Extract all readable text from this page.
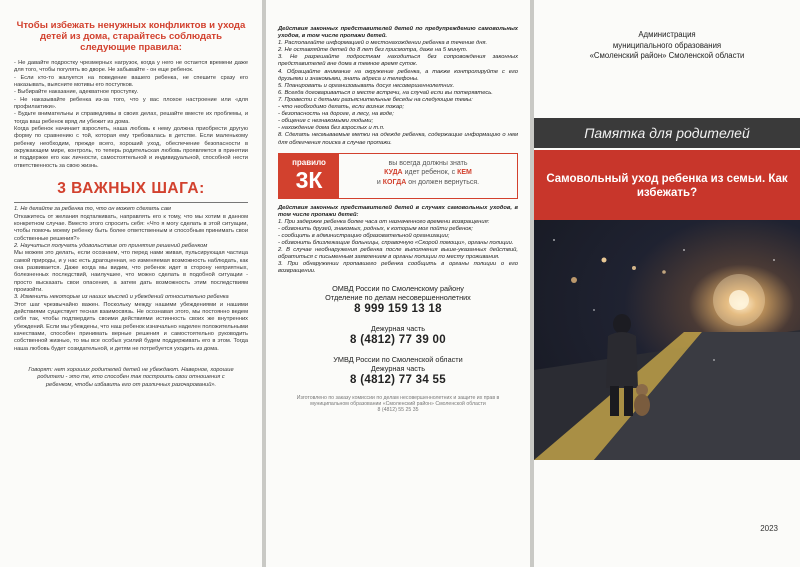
Чтобы избежать ненужных конфликтов и ухода детей из дома, старайтесь соблюдать следующие правила:

- Не давайте подростку чрезмерных нагрузок, когда у него не остается времени даже для того, чтобы погулять во дворе. Не забывайте - он еще ребенок.

- Если кто-то жалуется на поведение вашего ребенка, не спешите сразу его наказывать, выясните мотивы его поступков.

- Выбирайте наказание, адекватное проступку.

- Не наказывайте ребенка из-за того, что у вас плохое настроение или «для профилактики».

- Будьте внимательны и справедливы в своих делах, решайте вместе их проблемы, и тогда ваш ребенок вряд ли убежит из дома.

Когда ребенок начинает взрослеть, наша любовь к нему должна приобрести другую форму по сравнению с той, которая ему требовалась в детстве. Если маленькому ребенку необходим, прежде всего, хороший уход, обеспечение безопасности в окружающем мире, контроль, то теперь родительская любовь проявляется в принятии и поддержке его как личности, самостоятельной и индивидуальной, способной нести ответственность за свою жизнь.

3 ВАЖНЫХ ШАГА:

1. Не делайте за ребенка то, что он может сделать сам

Откажитесь от желания подталкивать, направлять его к тому, что мы хотим в данном конкретном случае. Вместо этого спросить себя: «Что я могу сделать в этой ситуации, чтобы помочь моему ребенку быть более ответственным и способным принимать свои собственные решения?»

2. Научиться получать удовольствие от принятия решений ребенком

Мы можем это делать, если осознаем, что перед нами живая, пульсирующая частица самой природы, и у нас есть драгоценная, но изменяемая возможность наблюдать, как она развивается. Даже когда мы видим, что ребенок идет в сторону неприятных, болезненных последствий, наилучшее, что можно сделать в подобной ситуации - просто высказать свои опасения, а затем дать возможность этим последствиям произойти.

3. Изменить некоторые из наших мыслей и убеждений относительно ребенка

Этот шаг чрезвычайно важен. Поскольку между нашими убеждениями и нашими действиями существует тесная взаимосвязь. Не осознавая этого, мы постоянно ведем себя так, чтобы подтвердить своими действиями истинность своих же внутренних убеждений. Если мы убеждены, что наш ребенок изначально наделен положительными качествами, способен принимать верные решения и самостоятельно руководить собственной жизнью, то мы все особых усилий будем поддерживать его в этом. Тогда наша любовь будет созидательной, и детям не потребуется уходить из дома.

Говорят: нет хороших родителей детей не убеждают. Наверное, хорошие родители - это те, кто способен так построить свои отношения с ребенком, чтобы избавить его от различных разочарований».

Действия законных представителей детей по предупреждению самовольных уходов, в том числе пропажи детей.

1. Располагайте информацией о местонахождении ребенка в течение дня.

2. Не оставляйте детей до 8 лет без присмотра, даже на 5 минут.

3. Не разрешайте подросткам находиться без сопровождения законных представителей вне дома в темное время суток.

4. Обращайте внимание на окружение ребенка, а также контролируйте с его друзьями и знакомыми, знать адреса и телефоны.

5. Планировать и организовывать досуг несовершеннолетних.

6. Всегда договариваться о месте встречи, на случай если вы потерявтесь.

7. Провести с детьми разъяснительные беседы на следующие темы:

- что необходимо делать, если возник пожар;

- безопасность на дороге, в лесу, на воде;

- общение с незнакомыми людьми;

- нахождение дома без взрослых и т.п.

8. Сделать несмываемые метки на одежде ребенка, содержащие информацию о нем для облегчения поиска в случае пропажи.

правило
3К
вы всегда должны знать
КУДА идет ребенок, с КЕМ
и КОГДА он должен вернуться.

Действия законных представителей детей в случаях самовольных уходов, в том числе пропажи детей:

1. При задержке ребенка более часа от назначенного времени возвращения:

- обзвонить друзей, знакомых, родных, к которым мог пойти ребенок;

- сообщить в администрацию образовательной организации;

- обзвонить близлежащие больницы, справочную «Скорой помощи», органы полиции.

2. В случае необнаружения ребенка после выполнения выше-указанных действий, обратиться с письменным заявлением в органы полиции по месту проживания.

3. При обнаружении пропавшего ребенка сообщить в органы полиции о его возвращении.

ОМВД России по Смоленскому району
Отделение по делам несовершеннолетних
8 999 159 13 18
Дежурная часть
8 (4812) 77 39 00
УМВД России по Смоленской области
Дежурная часть
8 (4812) 77 34 55
Изготовлено по заказу комиссии по делам несовершеннолетних и защите их прав в муниципальном образовании «Смоленский район» Смоленской области
8 (4812) 55 25 35
Администрация
муниципального образования
«Смоленский район» Смоленской области
Памятка для родителей
Самовольный уход ребенка из семьи. Как избежать?
2023
